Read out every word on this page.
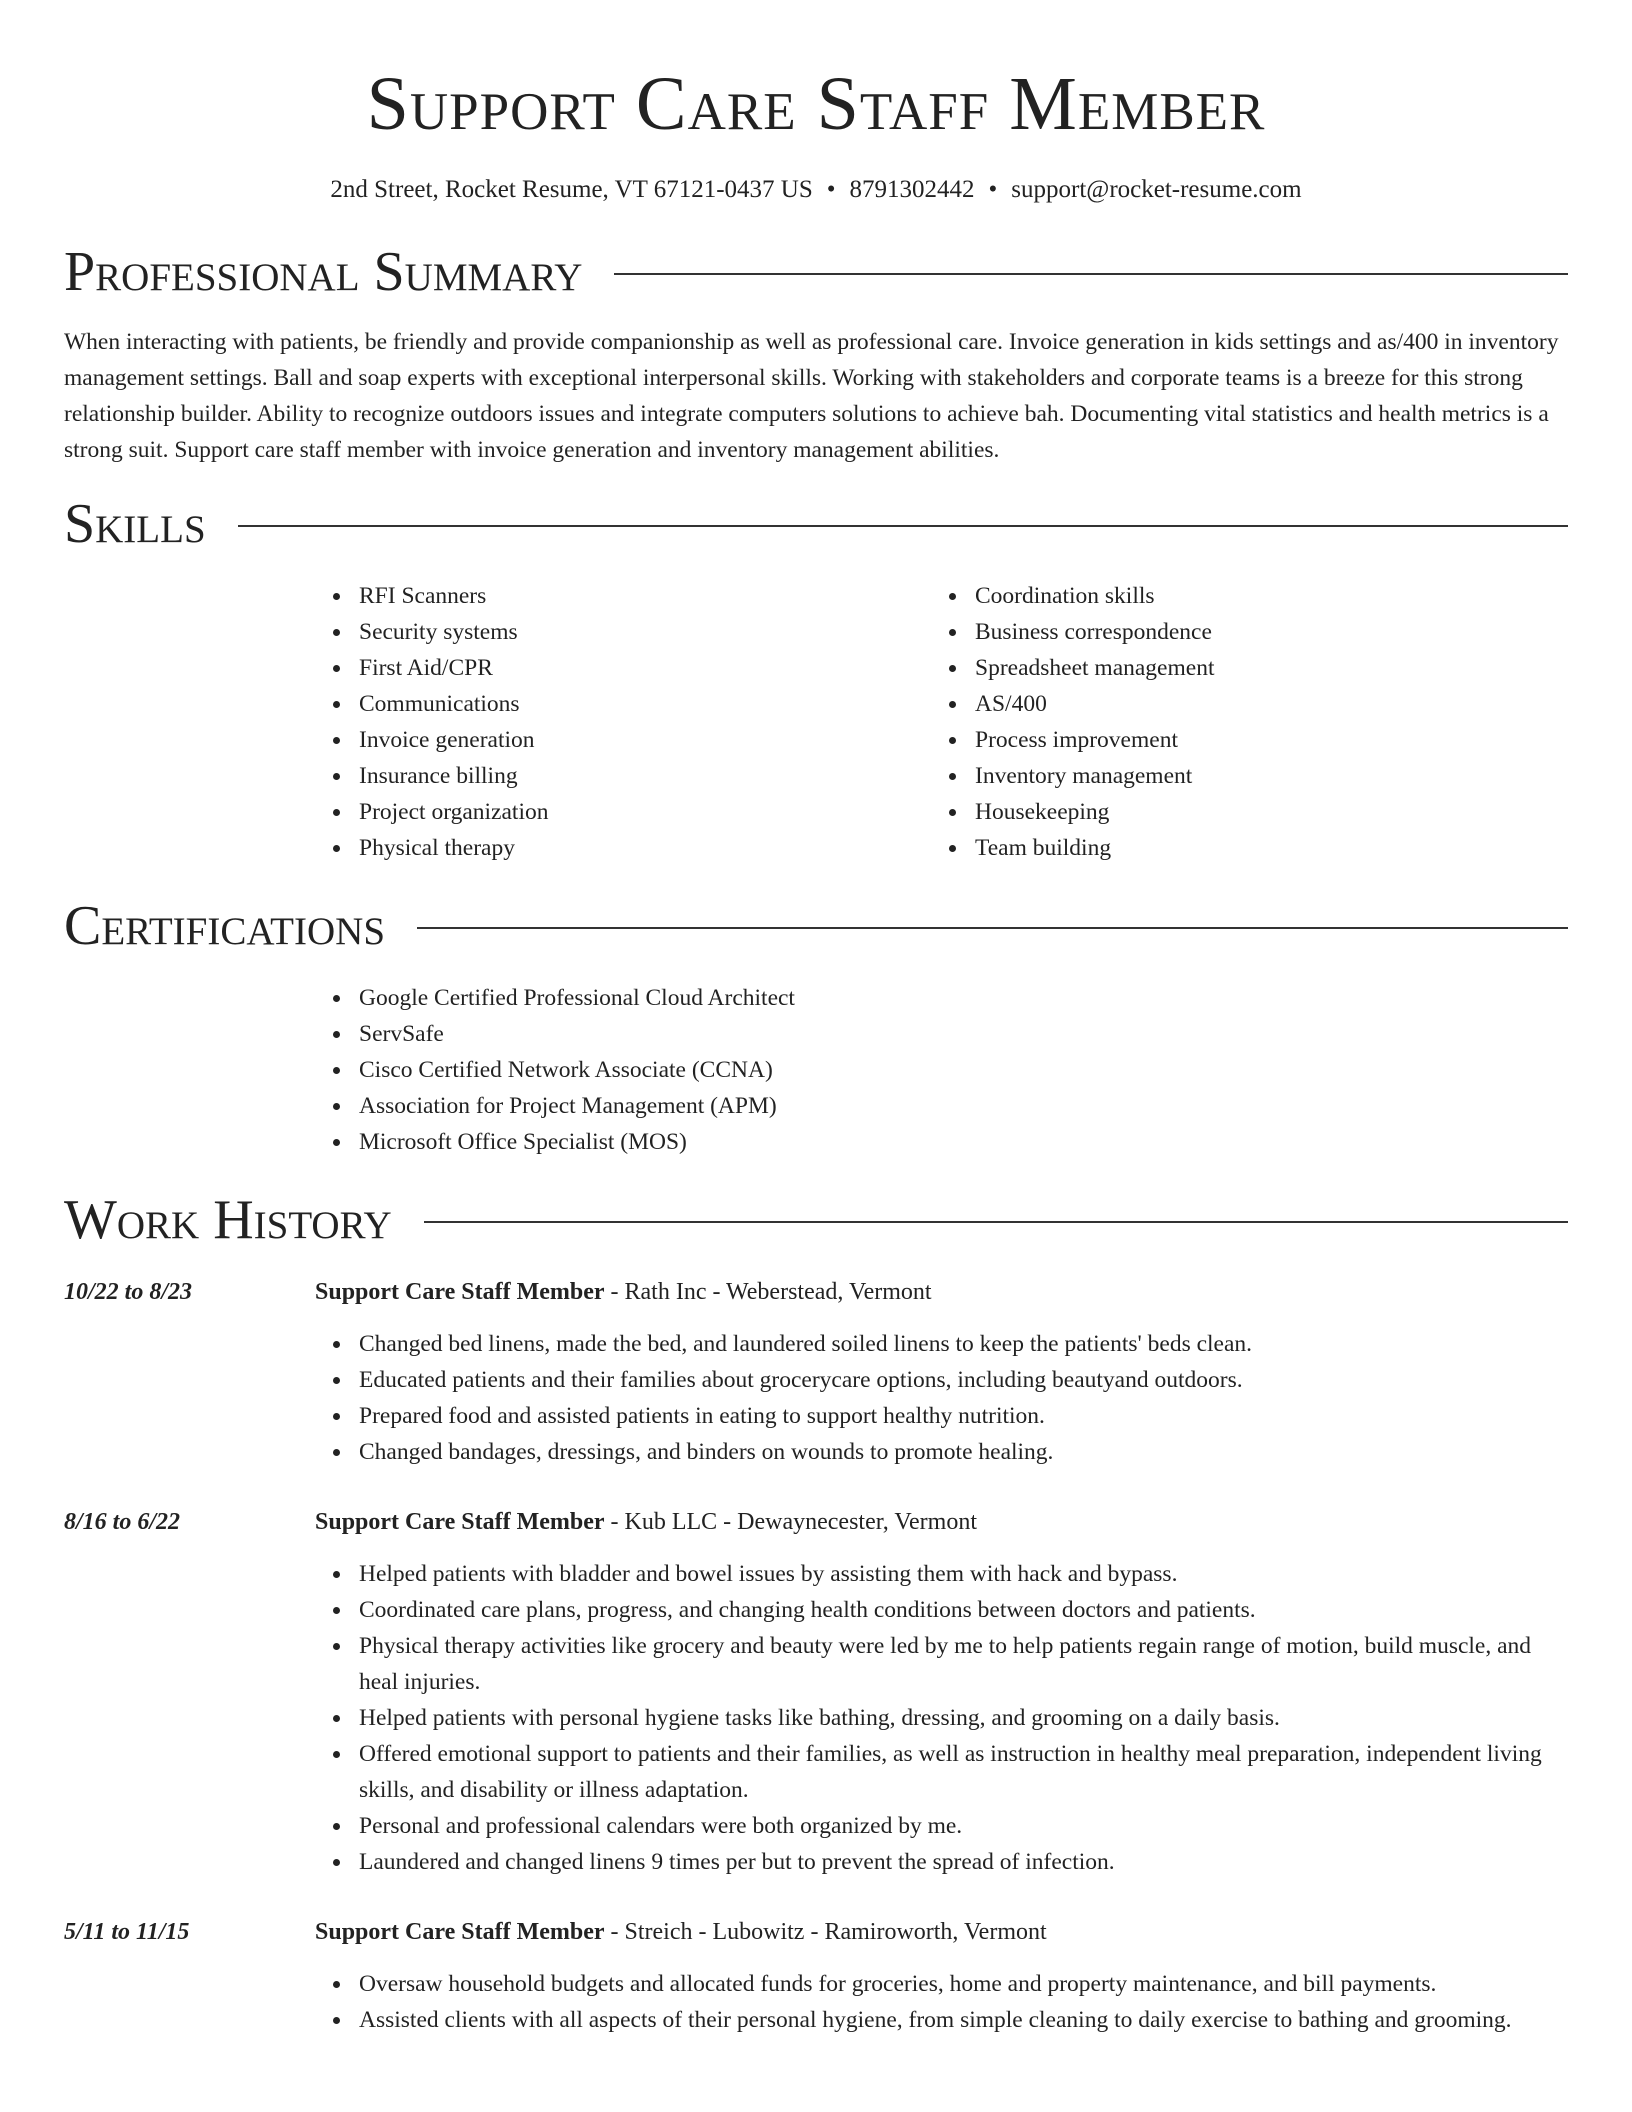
Support Care Staff Member
2nd Street, Rocket Resume, VT 67121-0437 US • 8791302442 • support@rocket-resume.com
Professional Summary

When interacting with patients, be friendly and provide companionship as well as professional care. Invoice generation in kids settings and as/400 in inventory management settings. Ball and soap experts with exceptional interpersonal skills. Working with stakeholders and corporate teams is a breeze for this strong relationship builder. Ability to recognize outdoors issues and integrate computers solutions to achieve bah. Documenting vital statistics and health metrics is a strong suit. Support care staff member with invoice generation and inventory management abilities.

Skills
RFI Scanners
Security systems
First Aid/CPR
Communications
Invoice generation
Insurance billing
Project organization
Physical therapy
Coordination skills
Business correspondence
Spreadsheet management
AS/400
Process improvement
Inventory management
Housekeeping
Team building
Certifications
Google Certified Professional Cloud Architect
ServSafe
Cisco Certified Network Associate (CCNA)
Association for Project Management (APM)
Microsoft Office Specialist (MOS)
Work History
10/22 to 8/23	Support Care Staff Member - Rath Inc - Weberstead, Vermont
Changed bed linens, made the bed, and laundered soiled linens to keep the patients' beds clean.
Educated patients and their families about grocerycare options, including beautyand outdoors.
Prepared food and assisted patients in eating to support healthy nutrition.
Changed bandages, dressings, and binders on wounds to promote healing.
8/16 to 6/22	Support Care Staff Member - Kub LLC - Dewaynecester, Vermont
Helped patients with bladder and bowel issues by assisting them with hack and bypass.
Coordinated care plans, progress, and changing health conditions between doctors and patients.
Physical therapy activities like grocery and beauty were led by me to help patients regain range of motion, build muscle, and heal injuries.
Helped patients with personal hygiene tasks like bathing, dressing, and grooming on a daily basis.
Offered emotional support to patients and their families, as well as instruction in healthy meal preparation, independent living skills, and disability or illness adaptation.
Personal and professional calendars were both organized by me.
Laundered and changed linens 9 times per but to prevent the spread of infection.
5/11 to 11/15	Support Care Staff Member - Streich - Lubowitz - Ramiroworth, Vermont
Oversaw household budgets and allocated funds for groceries, home and property maintenance, and bill payments.
Assisted clients with all aspects of their personal hygiene, from simple cleaning to daily exercise to bathing and grooming.
